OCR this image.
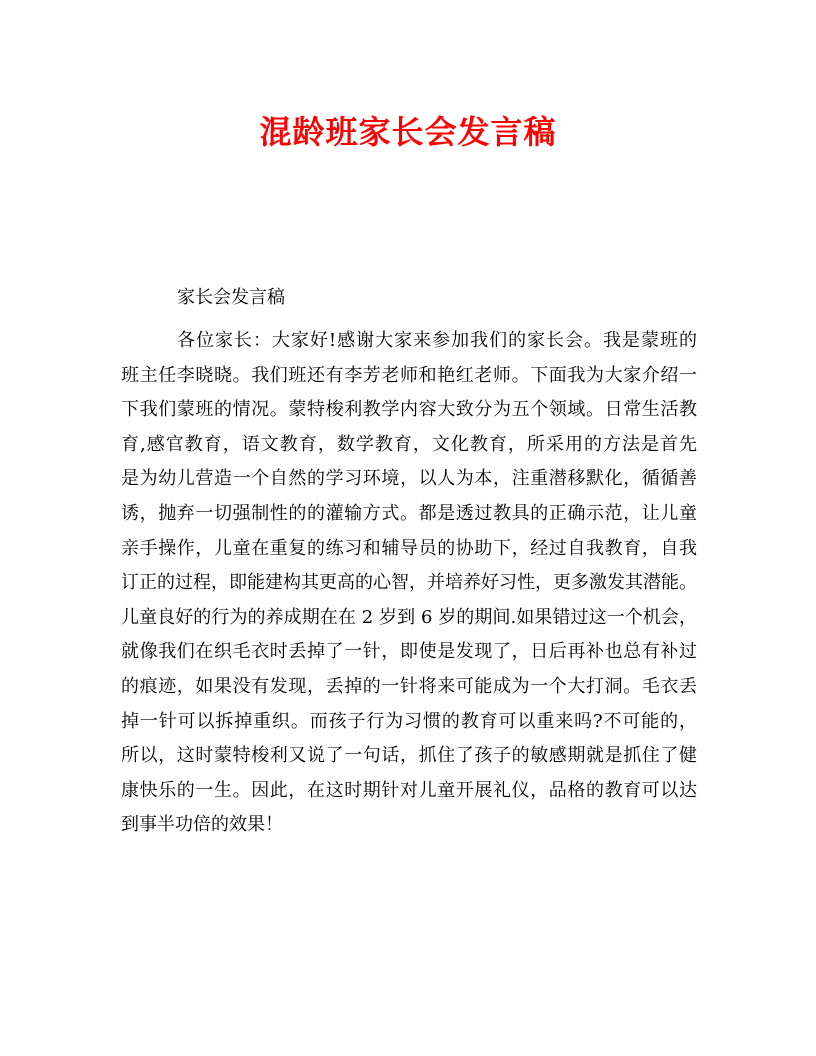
混龄班家长会发言稿

家长会发言稿

各位家长：大家好!感谢大家来参加我们的家长会。我是蒙班的
班主任李晓晓。我们班还有李芳老师和艳红老师。下面我为大家介绍一
下我们蒙班的情况。蒙特梭利教学内容大致分为五个领域。日常生活教
育,感官教育，语文教育，数学教育，文化教育，所采用的方法是首先
是为幼儿营造一个自然的学习环境，以人为本，注重潜移默化，循循善
诱，抛弃一切强制性的的灌输方式。都是透过教具的正确示范，让儿童
亲手操作，儿童在重复的练习和辅导员的协助下，经过自我教育，自我
订正的过程，即能建构其更高的心智，并培养好习性，更多激发其潜能。
儿童良好的行为的养成期在在 2 岁到 6 岁的期间.如果错过这一个机会，
就像我们在织毛衣时丢掉了一针，即使是发现了，日后再补也总有补过
的痕迹，如果没有发现，丢掉的一针将来可能成为一个大打洞。毛衣丢
掉一针可以拆掉重织。而孩子行为习惯的教育可以重来吗?不可能的，
所以，这时蒙特梭利又说了一句话，抓住了孩子的敏感期就是抓住了健
康快乐的一生。因此，在这时期针对儿童开展礼仪，品格的教育可以达
到事半功倍的效果！
